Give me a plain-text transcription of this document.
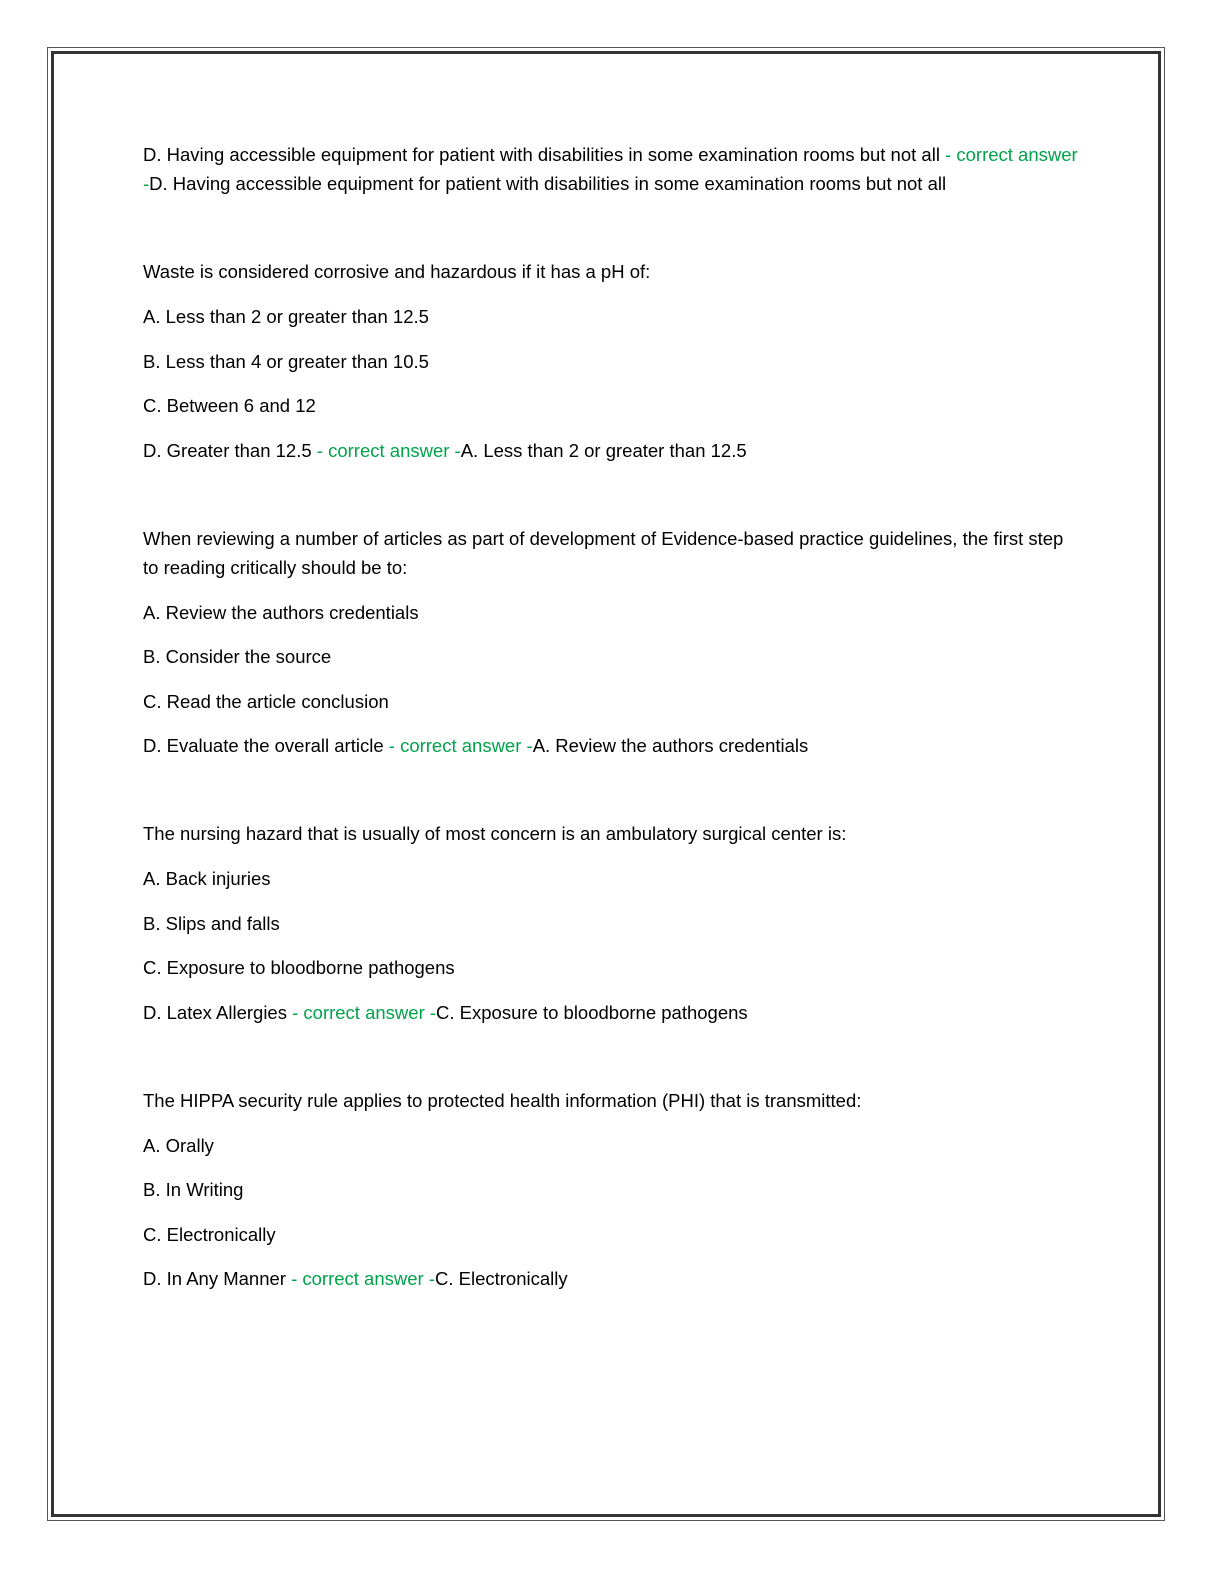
D. Having accessible equipment for patient with disabilities in some examination rooms but not all - correct answer -D. Having accessible equipment for patient with disabilities in some examination rooms but not all

Waste is considered corrosive and hazardous if it has a pH of:

A. Less than 2 or greater than 12.5

B. Less than 4 or greater than 10.5

C. Between 6 and 12

D. Greater than 12.5 - correct answer -A. Less than 2 or greater than 12.5

When reviewing a number of articles as part of development of Evidence-based practice guidelines, the first step to reading critically should be to:

A. Review the authors credentials

B. Consider the source

C. Read the article conclusion

D. Evaluate the overall article - correct answer -A. Review the authors credentials

The nursing hazard that is usually of most concern is an ambulatory surgical center is:

A. Back injuries

B. Slips and falls

C. Exposure to bloodborne pathogens

D. Latex Allergies - correct answer -C. Exposure to bloodborne pathogens

The HIPPA security rule applies to protected health information (PHI) that is transmitted:

A. Orally

B. In Writing

C. Electronically

D. In Any Manner - correct answer -C. Electronically
